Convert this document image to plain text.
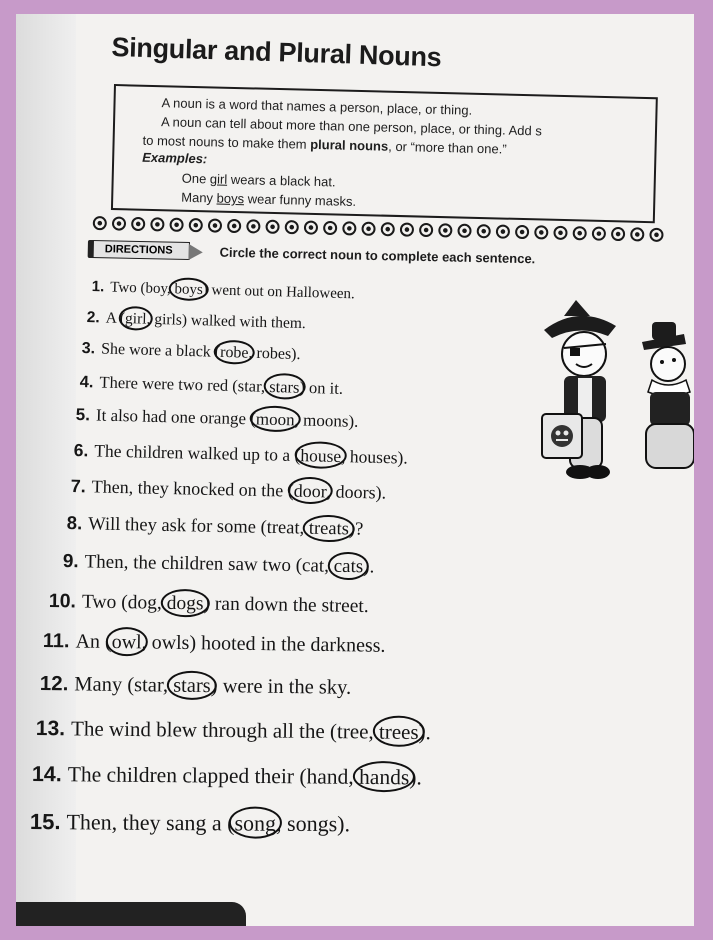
Singular and Plural Nouns
A noun is a word that names a person, place, or thing.
A noun can tell about more than one person, place, or thing. Add s
to most nouns to make them plural nouns, or “more than one.”
Examples:
One girl wears a black hat.
Many boys wear funny masks.
DIRECTIONS	Circle the correct noun to complete each sentence.
1. Two (boy, boys
) went out on Halloween.
2. A (girl
, girls) walked with them.
3. She wore a black (robe
, robes).
4. There were two red (star, stars
) on it.
5. It also had one orange (moon
, moons).
6. The children walked up to a (house
, houses).
7. Then, they knocked on the (door
, doors).
8. Will they ask for some (treat, treats
)?
9. Then, the children saw two (cat, cats
).
10. Two (dog, dogs
) ran down the street.
11. An (owl
, owls) hooted in the darkness.
12. Many (star, stars
) were in the sky.
13. The wind blew through all the (tree, trees
).
14. The children clapped their (hand, hands
).
15. Then, they sang a (song
, songs).
